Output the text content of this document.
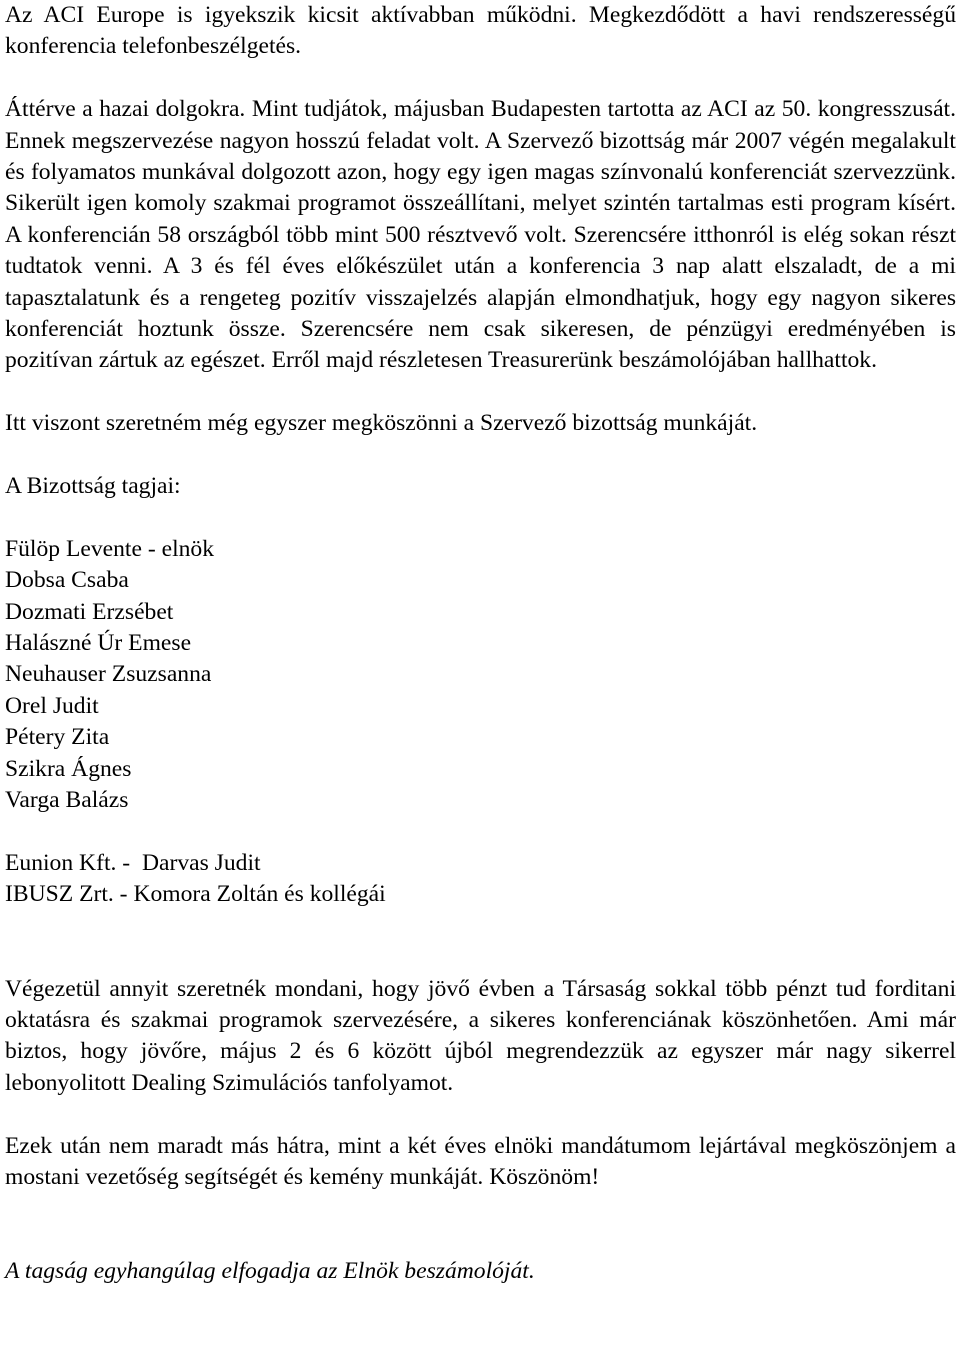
Az ACI Europe is igyekszik kicsit aktívabban működni. Megkezdődött a havi rendszerességű konferencia telefonbeszélgetés.

Áttérve a hazai dolgokra. Mint tudjátok, májusban Budapesten tartotta az ACI az 50. kongresszusát. Ennek megszervezése nagyon hosszú feladat volt. A Szervező bizottság már 2007 végén megalakult és folyamatos munkával dolgozott azon, hogy egy igen magas színvonalú konferenciát szervezzünk. Sikerült igen komoly szakmai programot összeállítani, melyet szintén tartalmas esti program kísért. A konferencián 58 országból több mint 500 résztvevő volt. Szerencsére itthonról is elég sokan részt tudtatok venni. A 3 és fél éves előkészület után a konferencia 3 nap alatt elszaladt, de a mi tapasztalatunk és a rengeteg pozitív visszajelzés alapján elmondhatjuk, hogy egy nagyon sikeres konferenciát hoztunk össze. Szerencsére nem csak sikeresen, de pénzügyi eredményében is pozitívan zártuk az egészet. Erről majd részletesen Treasurerünk beszámolójában hallhattok.

Itt viszont szeretném még egyszer megköszönni a Szervező bizottság munkáját.

A Bizottság tagjai:

Fülöp Levente - elnök

Dobsa Csaba

Dozmati Erzsébet

Halászné Úr Emese

Neuhauser Zsuzsanna

Orel Judit

Pétery Zita

Szikra Ágnes

Varga Balázs

Eunion Kft. -  Darvas Judit

IBUSZ Zrt. - Komora Zoltán és kollégái

Végezetül annyit szeretnék mondani, hogy jövő évben a Társaság sokkal több pénzt tud forditani oktatásra és szakmai programok szervezésére, a sikeres konferenciának köszönhetően. Ami már biztos, hogy jövőre, május 2 és 6 között újból megrendezzük az egyszer már nagy sikerrel lebonyolitott Dealing Szimulációs tanfolyamot.

Ezek után nem maradt más hátra, mint a két éves elnöki mandátumom lejártával megköszönjem a mostani vezetőség segítségét és kemény munkáját. Köszönöm!

A tagság egyhangúlag elfogadja az Elnök beszámolóját.
